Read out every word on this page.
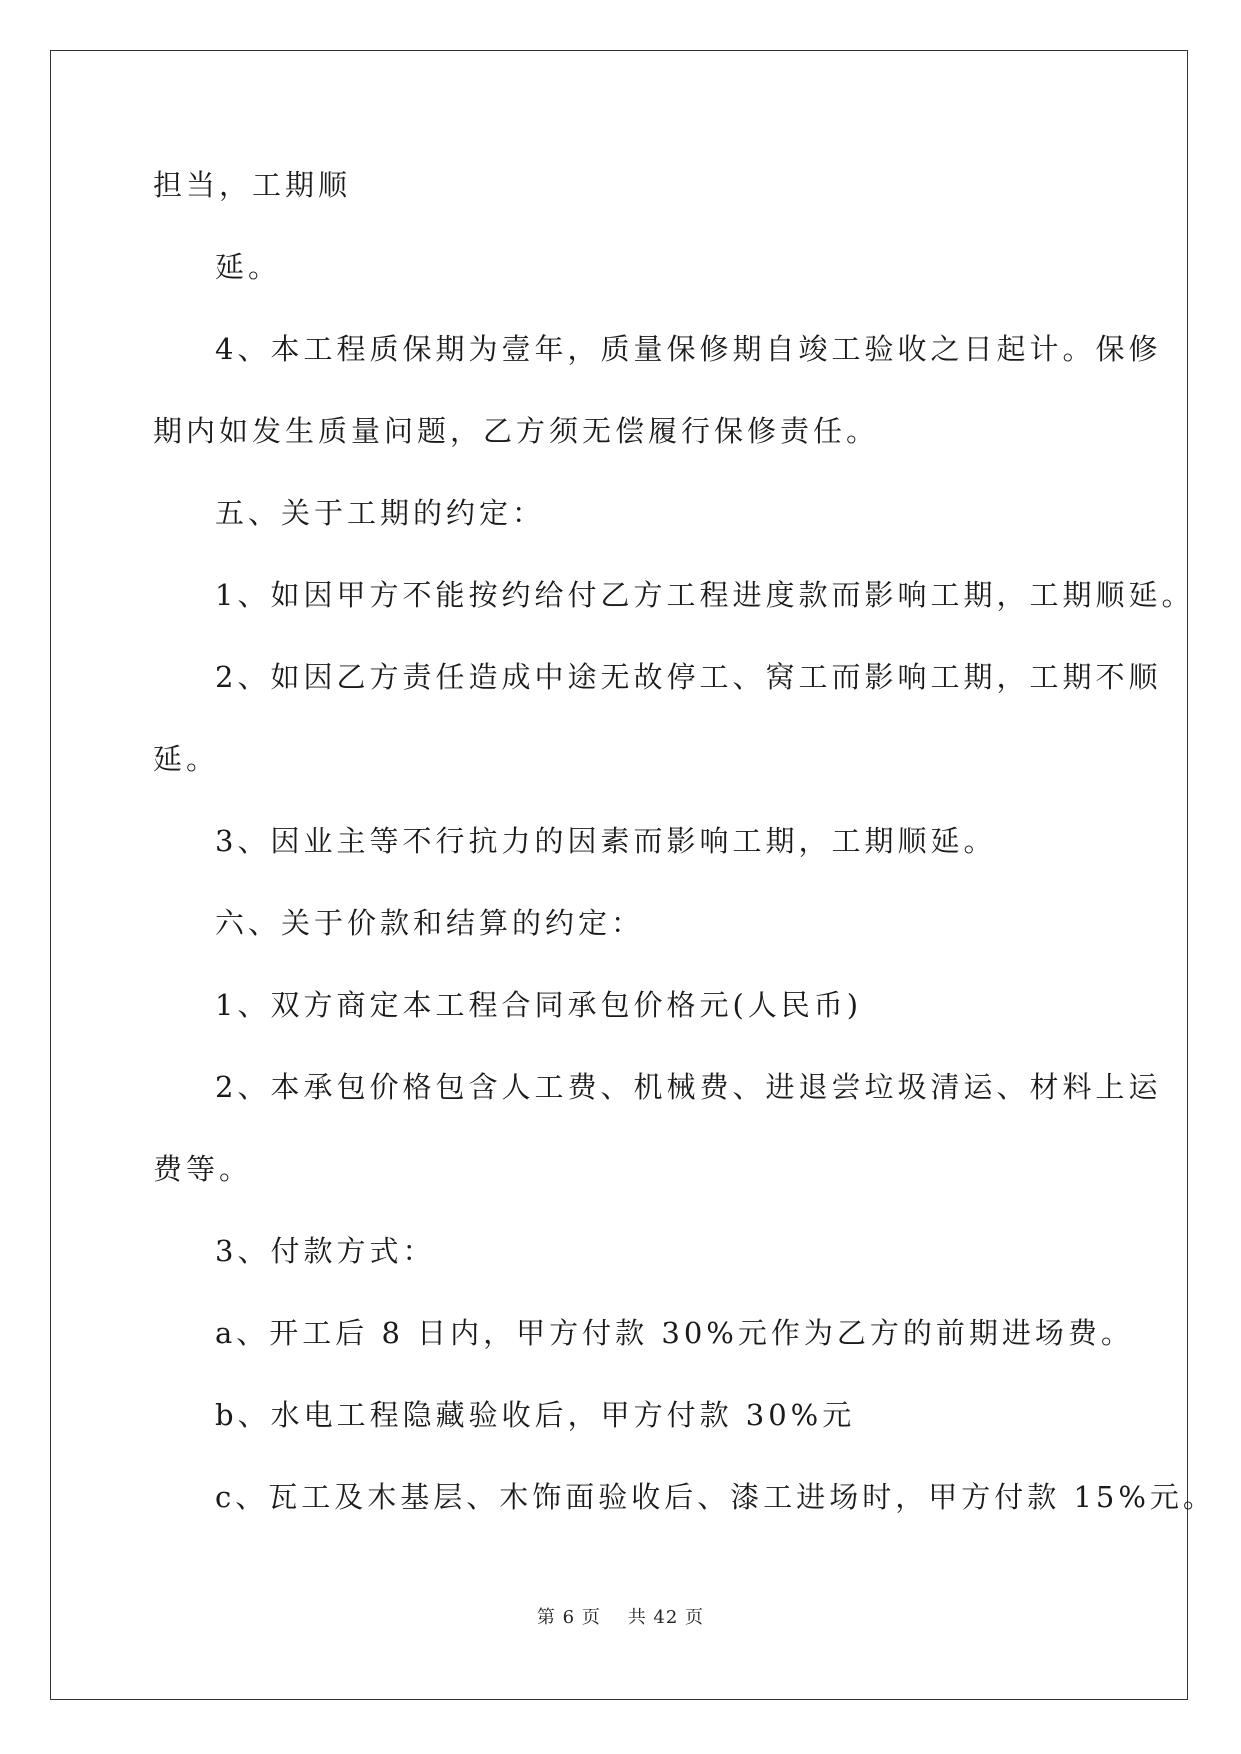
担当，工期顺
延。
4、本工程质保期为壹年，质量保修期自竣工验收之日起计。保修
期内如发生质量问题，乙方须无偿履行保修责任。
五、关于工期的约定：
1、如因甲方不能按约给付乙方工程进度款而影响工期，工期顺延。
2、如因乙方责任造成中途无故停工、窝工而影响工期，工期不顺
延。
3、因业主等不行抗力的因素而影响工期，工期顺延。
六、关于价款和结算的约定：
1、双方商定本工程合同承包价格元(人民币)
2、本承包价格包含人工费、机械费、进退尝垃圾清运、材料上运
费等。
3、付款方式：
a、开工后 8 日内，甲方付款 30%元作为乙方的前期进场费。
b、水电工程隐藏验收后，甲方付款 30%元
c、瓦工及木基层、木饰面验收后、漆工进场时，甲方付款 15%元。
第 6 页    共 42 页
